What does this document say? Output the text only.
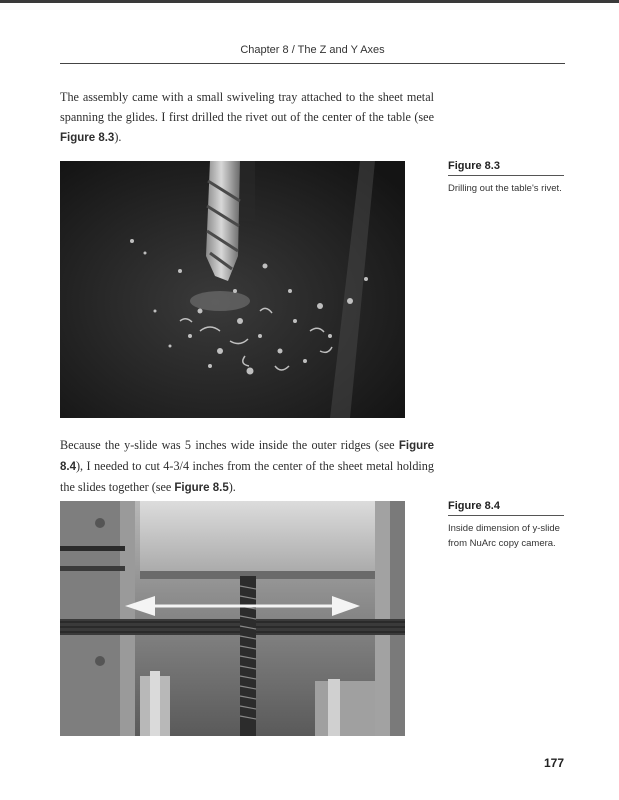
Chapter 8 / The Z and Y Axes

The assembly came with a small swiveling tray attached to the sheet metal spanning the glides. I first drilled the rivet out of the center of the table (see Figure 8.3).

Figure 8.3
Drilling out the table's rivet.

Because the y-slide was 5 inches wide inside the outer ridges (see Figure 8.4), I needed to cut 4-3/4 inches from the center of the sheet metal holding the slides together (see Figure 8.5).

Figure 8.4
Inside dimension of y-slide from NuArc copy camera.
177
